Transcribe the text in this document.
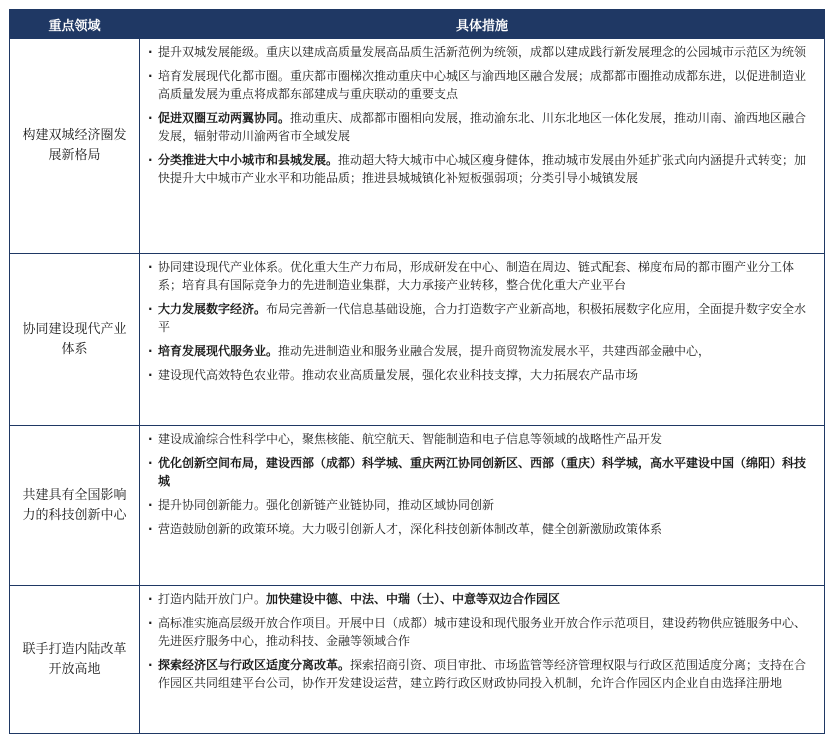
重点领域	具体措施
构建双城经济圈发展新格局	· 提升双城发展能级。重庆以建成高质量发展高品质生活新范例为统领，成都以建成践行新发展理念的公园城市示范区为统领
· 培育发展现代化都市圈。重庆都市圈梯次推动重庆中心城区与渝西地区融合发展；成都都市圈推动成都东进，以促进制造业高质量发展为重点将成都东部建成与重庆联动的重要支点
· 促进双圈互动两翼协同。推动重庆、成都都市圈相向发展，推动渝东北、川东北地区一体化发展，推动川南、渝西地区融合发展，辐射带动川渝两省市全域发展
· 分类推进大中小城市和县城发展。推动超大特大城市中心城区瘦身健体，推动城市发展由外延扩张式向内涵提升式转变；加快提升大中城市产业水平和功能品质；推进县城城镇化补短板强弱项；分类引导小城镇发展

协同建设现代产业体系	· 协同建设现代产业体系。优化重大生产力布局，形成研发在中心、制造在周边、链式配套、梯度布局的都市圈产业分工体系；培育具有国际竞争力的先进制造业集群，大力承接产业转移，整合优化重大产业平台
· 大力发展数字经济。布局完善新一代信息基础设施，合力打造数字产业新高地，积极拓展数字化应用，全面提升数字安全水平
· 培育发展现代服务业。推动先进制造业和服务业融合发展，提升商贸物流发展水平，共建西部金融中心，
· 建设现代高效特色农业带。推动农业高质量发展，强化农业科技支撑，大力拓展农产品市场

共建具有全国影响力的科技创新中心	· 建设成渝综合性科学中心，聚焦核能、航空航天、智能制造和电子信息等领域的战略性产品开发
· 优化创新空间布局，建设西部（成都）科学城、重庆两江协同创新区、西部（重庆）科学城，高水平建设中国（绵阳）科技城
· 提升协同创新能力。强化创新链产业链协同，推动区域协同创新
· 营造鼓励创新的政策环境。大力吸引创新人才，深化科技创新体制改革，健全创新激励政策体系

联手打造内陆改革开放高地	· 打造内陆开放门户。加快建设中德、中法、中瑞（士）、中意等双边合作园区
· 高标准实施高层级开放合作项目。开展中日（成都）城市建设和现代服务业开放合作示范项目，建设药物供应链服务中心、先进医疗服务中心，推动科技、金融等领域合作
· 探索经济区与行政区适度分离改革。探索招商引资、项目审批、市场监管等经济管理权限与行政区范围适度分离；支持在合作园区共同组建平台公司，协作开发建设运营，建立跨行政区财政协同投入机制，允许合作园区内企业自由选择注册地
